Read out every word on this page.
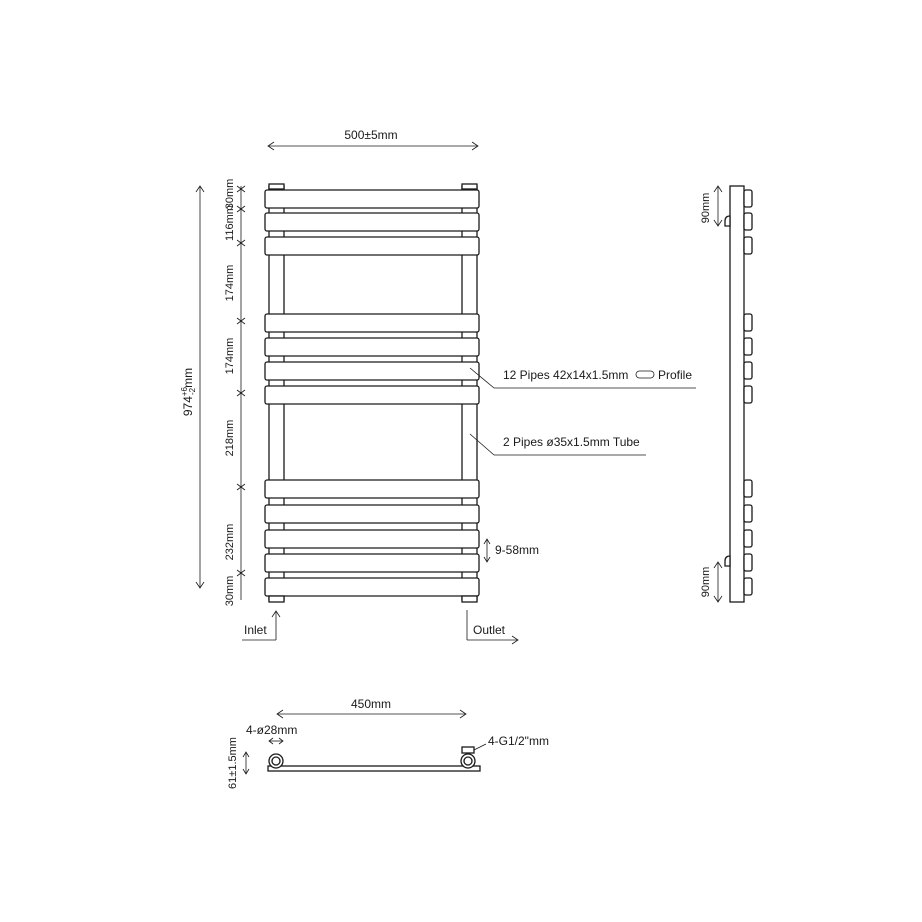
500±5mm
$974^{+6}-2mm$
30mm
116mm
174mm
174mm
218mm
232mm
30mm
9-58mm
Inlet	Outlet
12 Pipes 42x14x1.5mm Profile
2 Pipes ø35x1.5mm Tube
90mm
90mm
450mm
4-ø28mm
4-G1/2"mm
61±1.5mm
